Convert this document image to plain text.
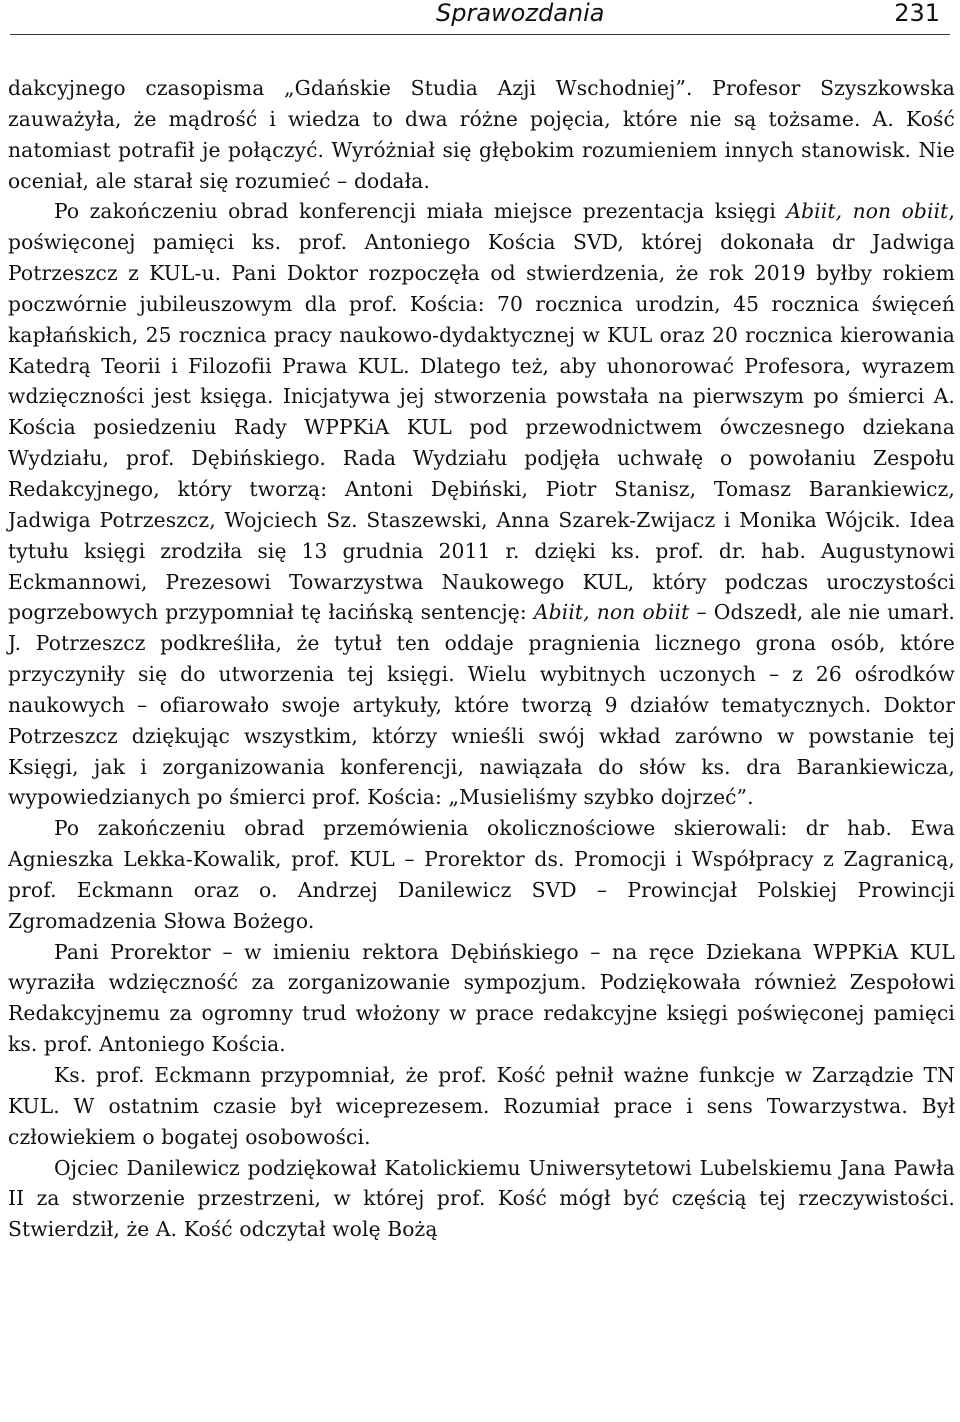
Sprawozdania	231

dakcyjnego czasopisma „Gdańskie Studia Azji Wschodniej”. Profesor Szyszkowska zauważyła, że mądrość i wiedza to dwa różne pojęcia, które nie są tożsame. A. Kość natomiast potrafił je połączyć. Wyróżniał się głębokim rozumieniem innych stanowisk. Nie oceniał, ale starał się rozumieć – dodała.

Po zakończeniu obrad konferencji miała miejsce prezentacja księgi Abiit, non obiit, poświęconej pamięci ks. prof. Antoniego Kościa SVD, której dokonała dr Jadwiga Potrzeszcz z KUL-u. Pani Doktor rozpoczęła od stwierdzenia, że rok 2019 byłby rokiem poczwórnie jubileuszowym dla prof. Kościa: 70 rocznica urodzin, 45 rocznica święceń kapłańskich, 25 rocznica pracy naukowo-dydaktycznej w KUL oraz 20 rocznica kierowania Katedrą Teorii i Filozofii Prawa KUL. Dlatego też, aby uhonorować Profesora, wyrazem wdzięczności jest księga. Inicjatywa jej stworzenia powstała na pierwszym po śmierci A. Kościa posiedzeniu Rady WPPKiA KUL pod przewodnictwem ówczesnego dziekana Wydziału, prof. Dębińskiego. Rada Wydziału podjęła uchwałę o powołaniu Zespołu Redakcyjnego, który tworzą: Antoni Dębiński, Piotr Stanisz, Tomasz Barankiewicz, Jadwiga Potrzeszcz, Wojciech Sz. Staszewski, Anna Szarek-Zwijacz i Monika Wójcik. Idea tytułu księgi zrodziła się 13 grudnia 2011 r. dzięki ks. prof. dr. hab. Augustynowi Eckmannowi, Prezesowi Towarzystwa Naukowego KUL, który podczas uroczystości pogrzebowych przypomniał tę łacińską sentencję: Abiit, non obiit – Odszedł, ale nie umarł. J. Potrzeszcz podkreśliła, że tytuł ten oddaje pragnienia licznego grona osób, które przyczyniły się do utworzenia tej księgi. Wielu wybitnych uczonych – z 26 ośrodków naukowych – ofiarowało swoje artykuły, które tworzą 9 działów tematycznych. Doktor Potrzeszcz dziękując wszystkim, którzy wnieśli swój wkład zarówno w powstanie tej Księgi, jak i zorganizowania konferencji, nawiązała do słów ks. dra Barankiewicza, wypowiedzianych po śmierci prof. Kościa: „Musieliśmy szybko dojrzeć”.

Po zakończeniu obrad przemówienia okolicznościowe skierowali: dr hab. Ewa Agnieszka Lekka-Kowalik, prof. KUL – Prorektor ds. Promocji i Współpracy z Zagranicą, prof. Eckmann oraz o. Andrzej Danilewicz SVD – Prowincjał Polskiej Prowincji Zgromadzenia Słowa Bożego.

Pani Prorektor – w imieniu rektora Dębińskiego – na ręce Dziekana WPPKiA KUL wyraziła wdzięczność za zorganizowanie sympozjum. Podziękowała również Zespołowi Redakcyjnemu za ogromny trud włożony w prace redakcyjne księgi poświęconej pamięci ks. prof. Antoniego Kościa.

Ks. prof. Eckmann przypomniał, że prof. Kość pełnił ważne funkcje w Zarządzie TN KUL. W ostatnim czasie był wiceprezesem. Rozumiał prace i sens Towarzystwa. Był człowiekiem o bogatej osobowości.

Ojciec Danilewicz podziękował Katolickiemu Uniwersytetowi Lubelskiemu Jana Pawła II za stworzenie przestrzeni, w której prof. Kość mógł być częścią tej rzeczywistości. Stwierdził, że A. Kość odczytał wolę Bożą
